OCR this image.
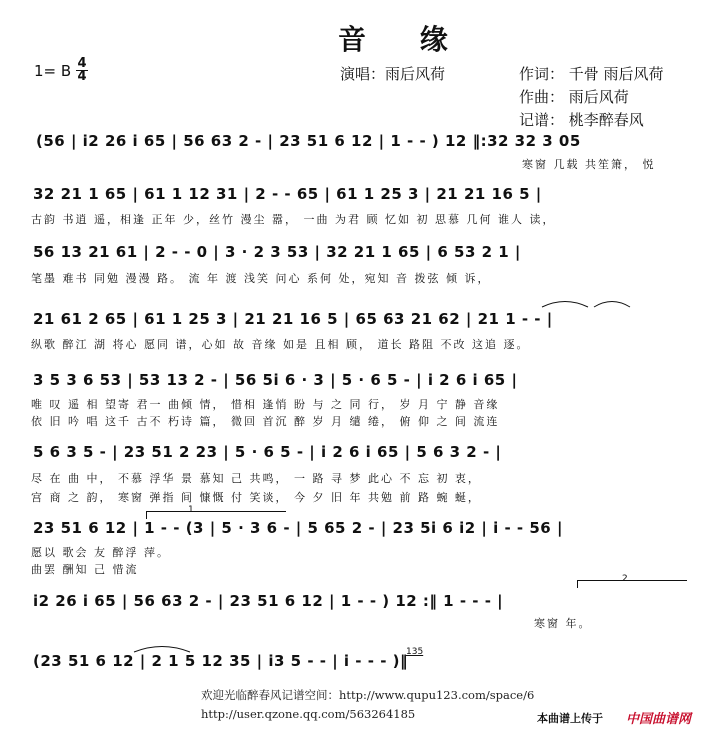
音 缘
1= B 4
4	演唱：雨后风荷	作词： 千骨 雨后风荷
作曲： 雨后风荷
记谱： 桃李醉春风
(56 | i2 26 i 65 | 56 63 2 - | 23 51 6 12 | 1 - - ) 12 ‖:32 32 3 05
寒窗 几载 共笙箫， 悦
32 21 1 65 | 61 1 12 31 | 2 - - 65 | 61 1 25 3 | 21 21 16 5 |
古韵 书逍 遥，相逢 正年 少，丝竹 漫尘 嚣， 一曲 为君 顾 忆如 初 思慕 几何 谁人 读，
56 13 21 61 | 2 - - 0 | 3 · 2 3 53 | 32 21 1 65 | 6 53 2 1 |
笔墨 难书 同勉 漫漫 路。 流 年 渡 浅笑 问心 系何 处，宛知 音 拨弦 倾 诉，
21 61 2 65 | 61 1 25 3 | 21 21 16 5 | 65 63 21 62 | 21 1 - - |
纵歌 醉江 湖 将心 愿同 谱，心如 故 音缘 如是 且相 顾， 道长 路阻 不改 这追 逐。
3 5 3 6 53 | 53 13 2 - | 56 5i 6 · 3 | 5 · 6 5 - | i 2 6 i 65 |
唯 叹 遥 相 望寄 君一 曲倾 情， 惜相 逢悄 盼 与 之 同 行， 岁 月 宁 静 音缘
依 旧 吟 唱 这千 古不 朽诗 篇， 微回 首沉 醉 岁 月 缱 绻， 俯 仰 之 间 流连
5 6 3 5 - | 23 51 2 23 | 5 · 6 5 - | i 2 6 i 65 | 5 6 3 2 - |
尽 在 曲 中， 不慕 浮华 景 慕知 己 共鸣， 一 路 寻 梦 此心 不 忘 初 衷，
宫 商 之 韵， 寒窗 弹指 间 慷慨 付 笑谈， 今 夕 旧 年 共勉 前 路 蜿 蜒，
1
23 51 6 12 | 1 - - (3 | 5 · 3 6 - | 5 65 2 - | 23 5i 6 i2 | i - - 56 |
愿以 歌会 友 醉浮 萍。
曲罢 酬知 己 惜流
2
i2 26 i 65 | 56 63 2 - | 23 51 6 12 | 1 - - ) 12 :‖ 1 - - - |
寒窗 年。
135
(23 51 6 12 | 2 1 5 12 35 | i3 5 - - | i - - - )‖
欢迎光临醉春风记谱空间：http://www.qupu123.com/space/6
http://user.qzone.qq.com/563264185	本曲谱上传于 中国曲谱网
